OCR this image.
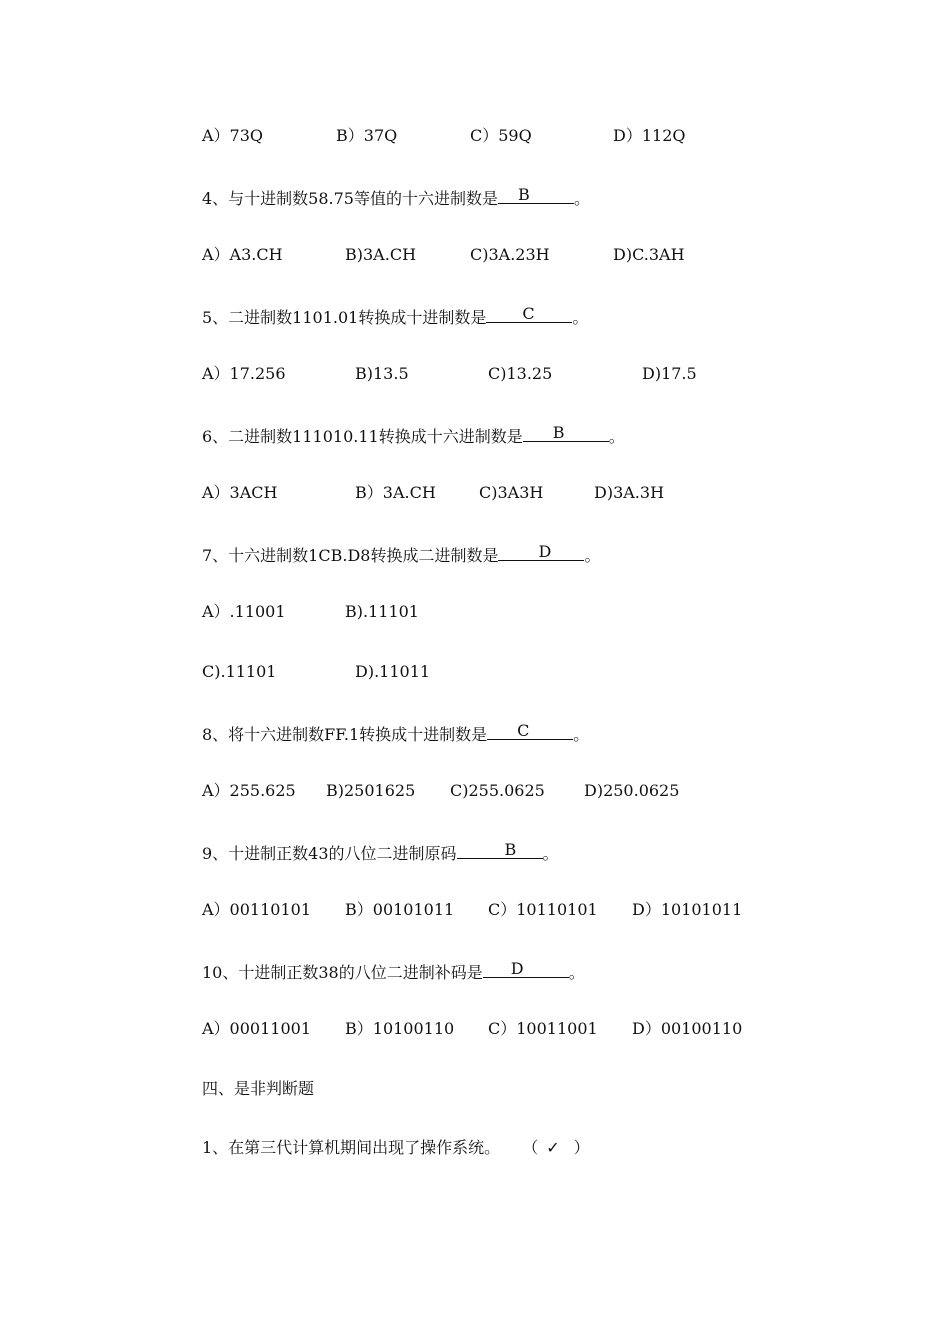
A）73Q	B）37Q	C）59Q	D）112Q
4、与十进制数58.75等值的十六进制数是 B	。
A）A3.CH	B)3A.CH	C)3A.23H	D)C.3AH
5、二进制数1101.01转换成十进制数是 C 。
A）17.256	B)13.5	C)13.25	D)17.5
6、二进制数111010.11转换成十六进制数是 B	。
A）3ACH	B）3A.CH	C)3A3H	D)3A.3H
7、十六进制数1CB.D8转换成二进制数是	D 。
A）.11001	B).11101
C).11101	D).11011
8、将十六进制数FF.1转换成十进制数是 C	。
A）255.625 B)2501625 C)255.0625 D)250.0625
9、十进制正数43的八位二进制原码	B 。
A）00110101 B）00101011 C）10110101 D）10101011
10、十进制正数38的八位二进制补码是 D	。
A）00011001 B）10100110 C）10011001 D）00100110
四、是非判断题
1、在第三代计算机期间出现了操作系统。 （ ✓ ）
